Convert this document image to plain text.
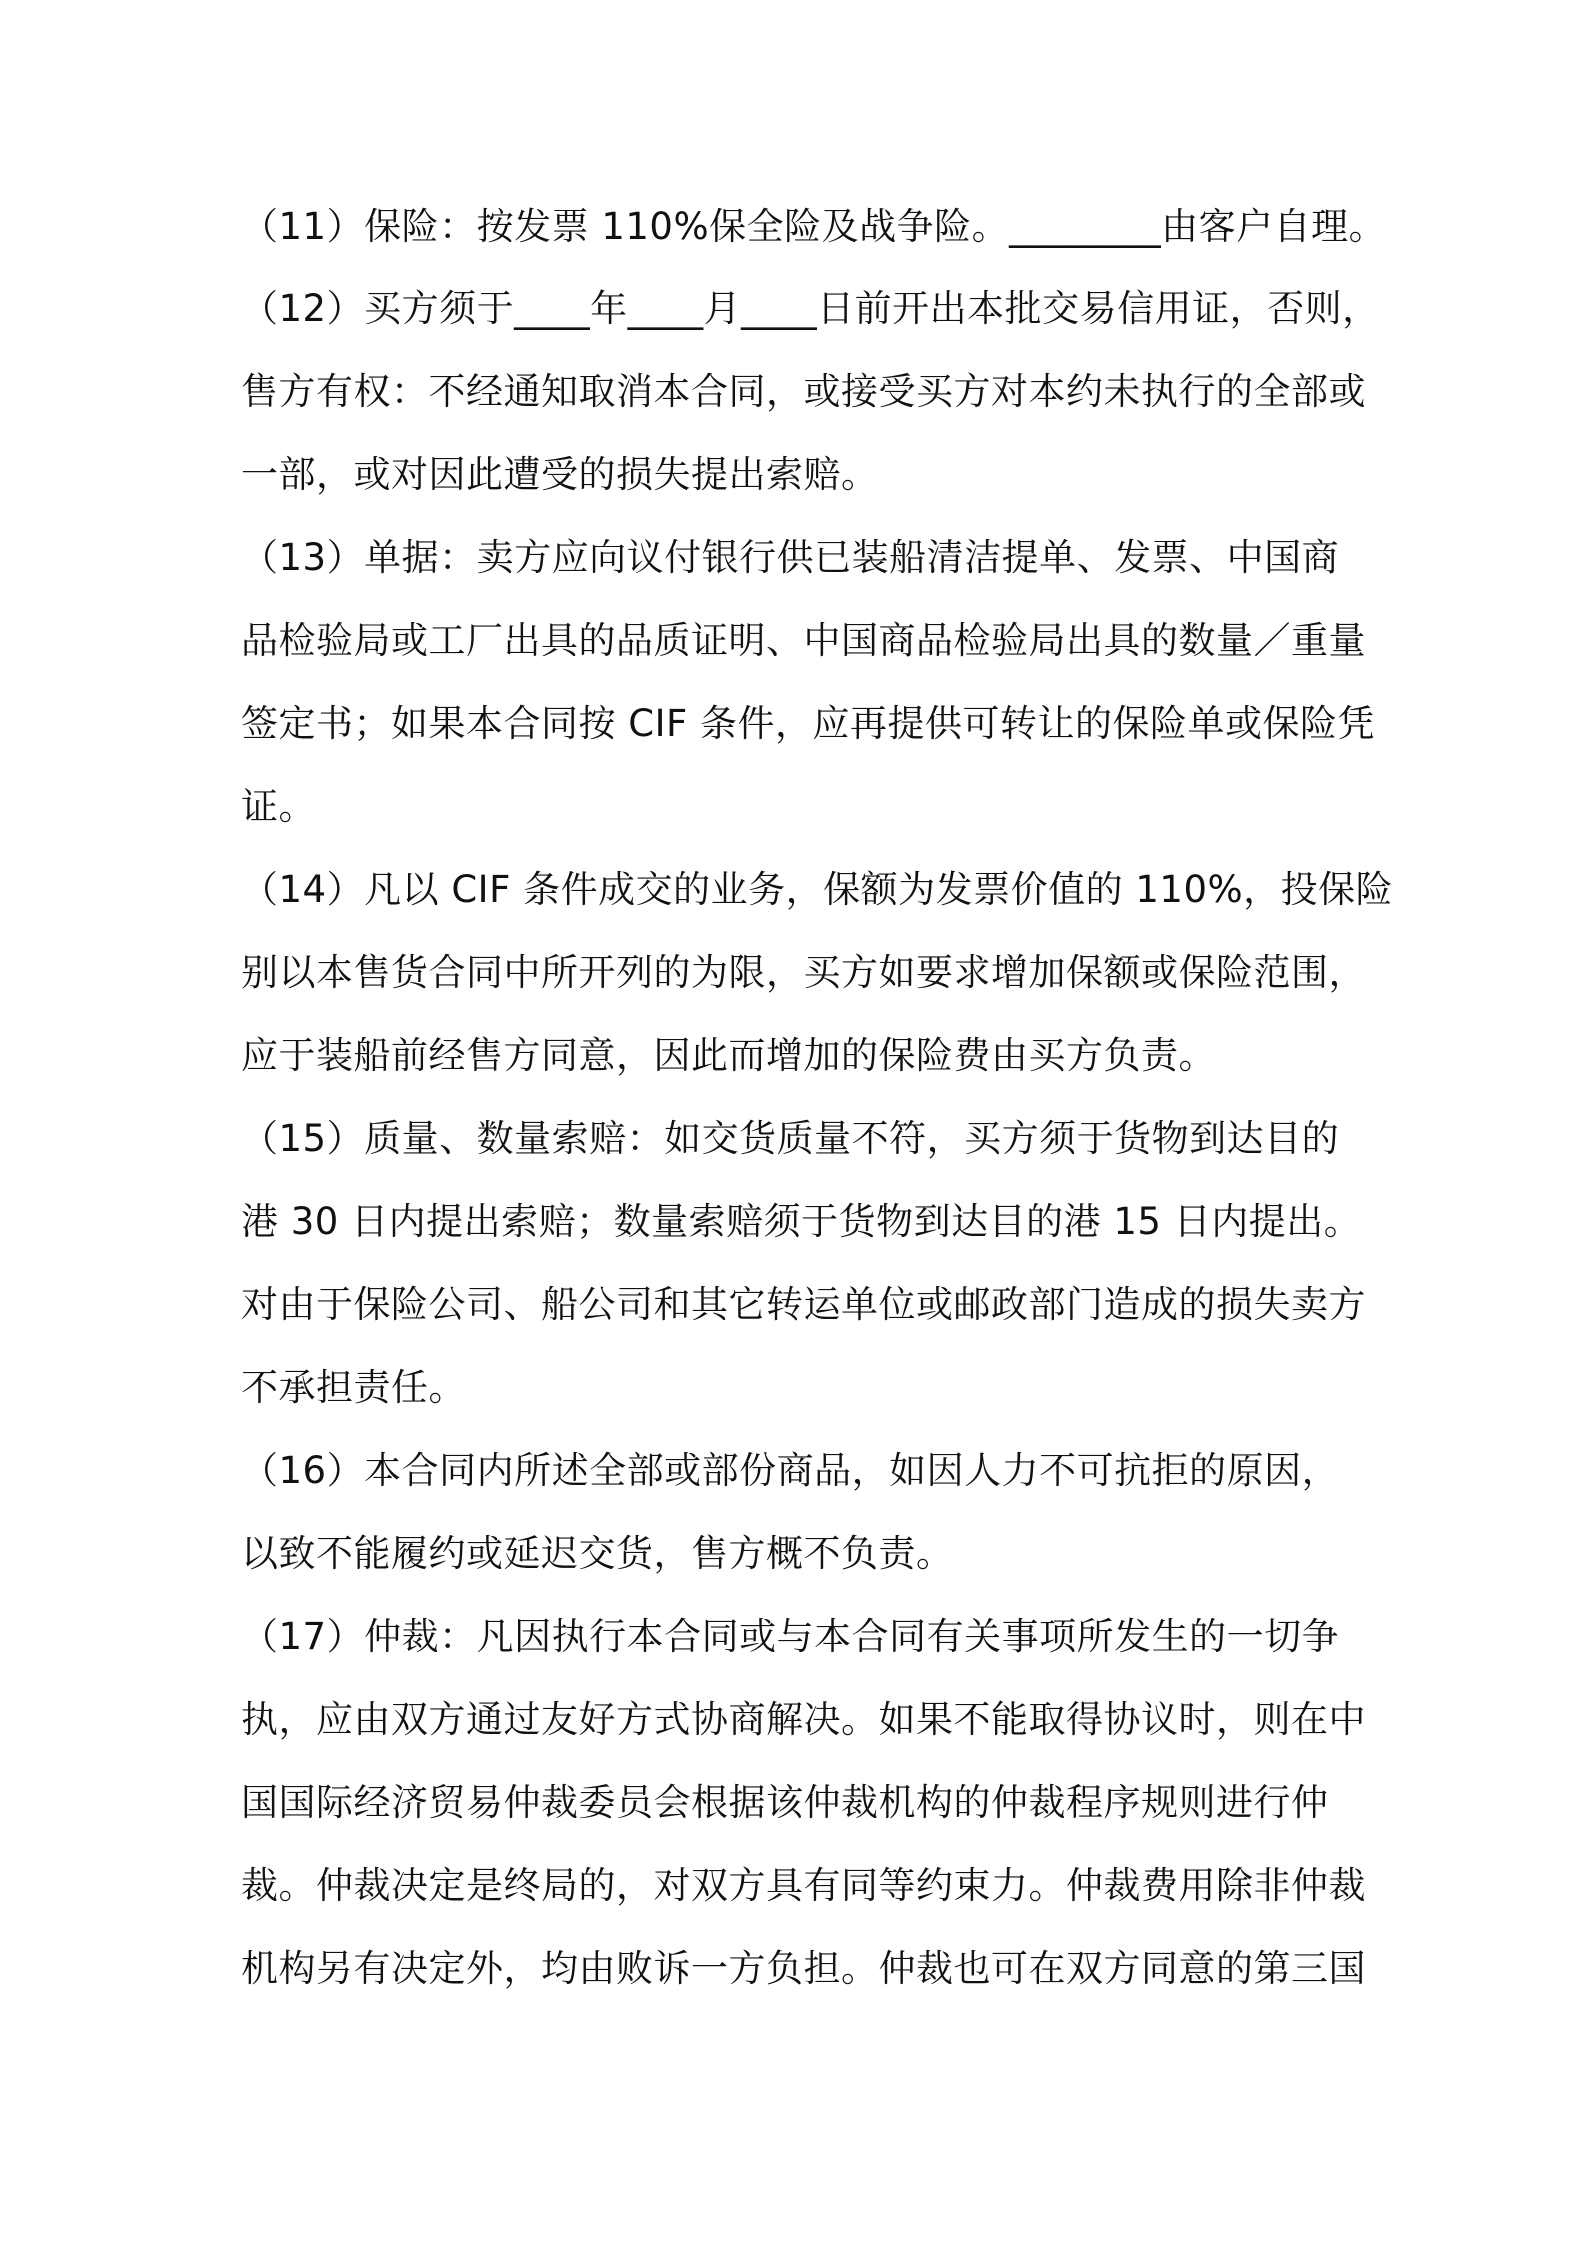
（11）保险：按发票 110%保全险及战争险。________由客户自理。
（12）买方须于____年____月____日前开出本批交易信用证，否则，
售方有权：不经通知取消本合同，或接受买方对本约未执行的全部或
一部，或对因此遭受的损失提出索赔。
（13）单据：卖方应向议付银行供已装船清洁提单、发票、中国商
品检验局或工厂出具的品质证明、中国商品检验局出具的数量／重量
签定书；如果本合同按 CIF 条件，应再提供可转让的保险单或保险凭
证。
（14）凡以 CIF 条件成交的业务，保额为发票价值的 110%，投保险
别以本售货合同中所开列的为限，买方如要求增加保额或保险范围，
应于装船前经售方同意，因此而增加的保险费由买方负责。
（15）质量、数量索赔：如交货质量不符，买方须于货物到达目的
港 30 日内提出索赔；数量索赔须于货物到达目的港 15 日内提出。
对由于保险公司、船公司和其它转运单位或邮政部门造成的损失卖方
不承担责任。
（16）本合同内所述全部或部份商品，如因人力不可抗拒的原因，
以致不能履约或延迟交货，售方概不负责。
（17）仲裁：凡因执行本合同或与本合同有关事项所发生的一切争
执，应由双方通过友好方式协商解决。如果不能取得协议时，则在中
国国际经济贸易仲裁委员会根据该仲裁机构的仲裁程序规则进行仲
裁。仲裁决定是终局的，对双方具有同等约束力。仲裁费用除非仲裁
机构另有决定外，均由败诉一方负担。仲裁也可在双方同意的第三国
